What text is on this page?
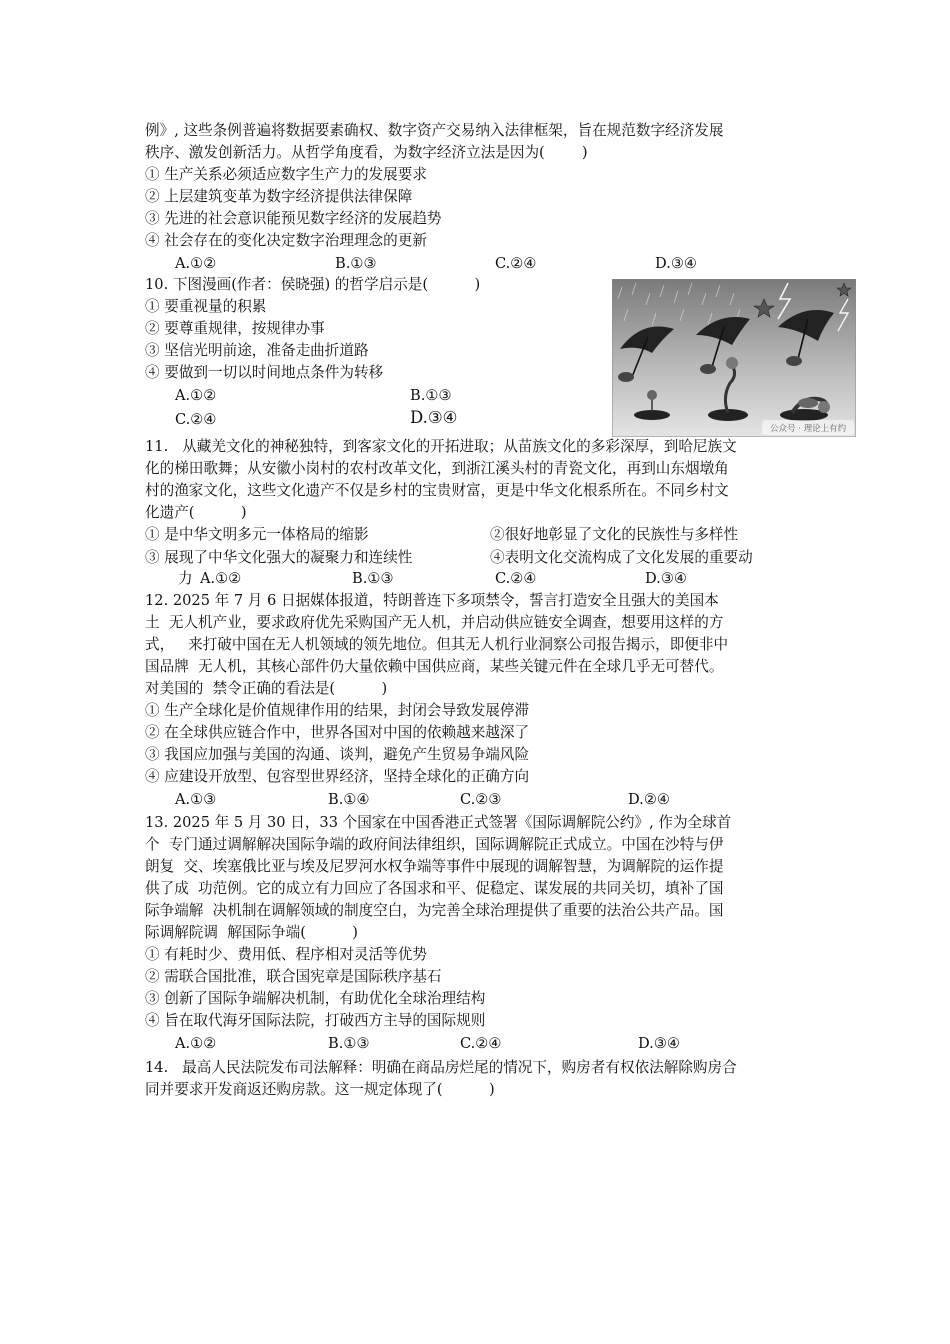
例》, 这些条例普遍将数据要素确权、数字资产交易纳入法律框架，旨在规范数字经济发展
秩序、激发创新活力。从哲学角度看，为数字经济立法是因为(        )
① 生产关系必须适应数字生产力的发展要求
② 上层建筑变革为数字经济提供法律保障
③ 先进的社会意识能预见数字经济的发展趋势
④ 社会存在的变化决定数字治理理念的更新
A.①②	B.①③	C.②④	D.③④
10. 下图漫画(作者：侯晓强) 的哲学启示是(          )
① 要重视量的积累
② 要尊重规律，按规律办事
③ 坚信光明前途，准备走曲折道路
④ 要做到一切以时间地点条件为转移
A.①②	B.①③
C.②④	D.③④
公众号 · 理论上有约
11.   从藏羌文化的神秘独特，到客家文化的开拓进取；从苗族文化的多彩深厚，到哈尼族文
化的梯田歌舞；从安徽小岗村的农村改革文化，到浙江溪头村的青瓷文化，再到山东烟墩角
村的渔家文化，这些文化遗产不仅是乡村的宝贵财富，更是中华文化根系所在。不同乡村文
化遗产(          )
① 是中华文明多元一体格局的缩影	②很好地彰显了文化的民族性与多样性
③ 展现了中华文化强大的凝聚力和连续性	④表明文化交流构成了文化发展的重要动
力 A.①②	B.①③	C.②④	D.③④
12. 2025 年 7 月 6 日据媒体报道，特朗普连下多项禁令，誓言打造安全且强大的美国本
土  无人机产业，要求政府优先采购国产无人机，并启动供应链安全调查，想要用这样的方
式，   来打破中国在无人机领域的领先地位。但其无人机行业洞察公司报告揭示，即便非中
国品牌  无人机，其核心部件仍大量依赖中国供应商，某些关键元件在全球几乎无可替代。
对美国的  禁令正确的看法是(          )
① 生产全球化是价值规律作用的结果，封闭会导致发展停滞
② 在全球供应链合作中，世界各国对中国的依赖越来越深了
③ 我国应加强与美国的沟通、谈判，避免产生贸易争端风险
④ 应建设开放型、包容型世界经济，坚持全球化的正确方向
A.①③	B.①④	C.②③	D.②④
13. 2025 年 5 月 30 日，33 个国家在中国香港正式签署《国际调解院公约》, 作为全球首
个  专门通过调解解决国际争端的政府间法律组织，国际调解院正式成立。中国在沙特与伊
朗复  交、埃塞俄比亚与埃及尼罗河水权争端等事件中展现的调解智慧，为调解院的运作提
供了成  功范例。它的成立有力回应了各国求和平、促稳定、谋发展的共同关切，填补了国
际争端解  决机制在调解领域的制度空白，为完善全球治理提供了重要的法治公共产品。国
际调解院调  解国际争端(          )
① 有耗时少、费用低、程序相对灵活等优势
② 需联合国批准，联合国宪章是国际秩序基石
③ 创新了国际争端解决机制，有助优化全球治理结构
④ 旨在取代海牙国际法院，打破西方主导的国际规则
A.①②	B.①③	C.②④	D.③④
14.   最高人民法院发布司法解释：明确在商品房烂尾的情况下，购房者有权依法解除购房合
同并要求开发商返还购房款。这一规定体现了(          )
